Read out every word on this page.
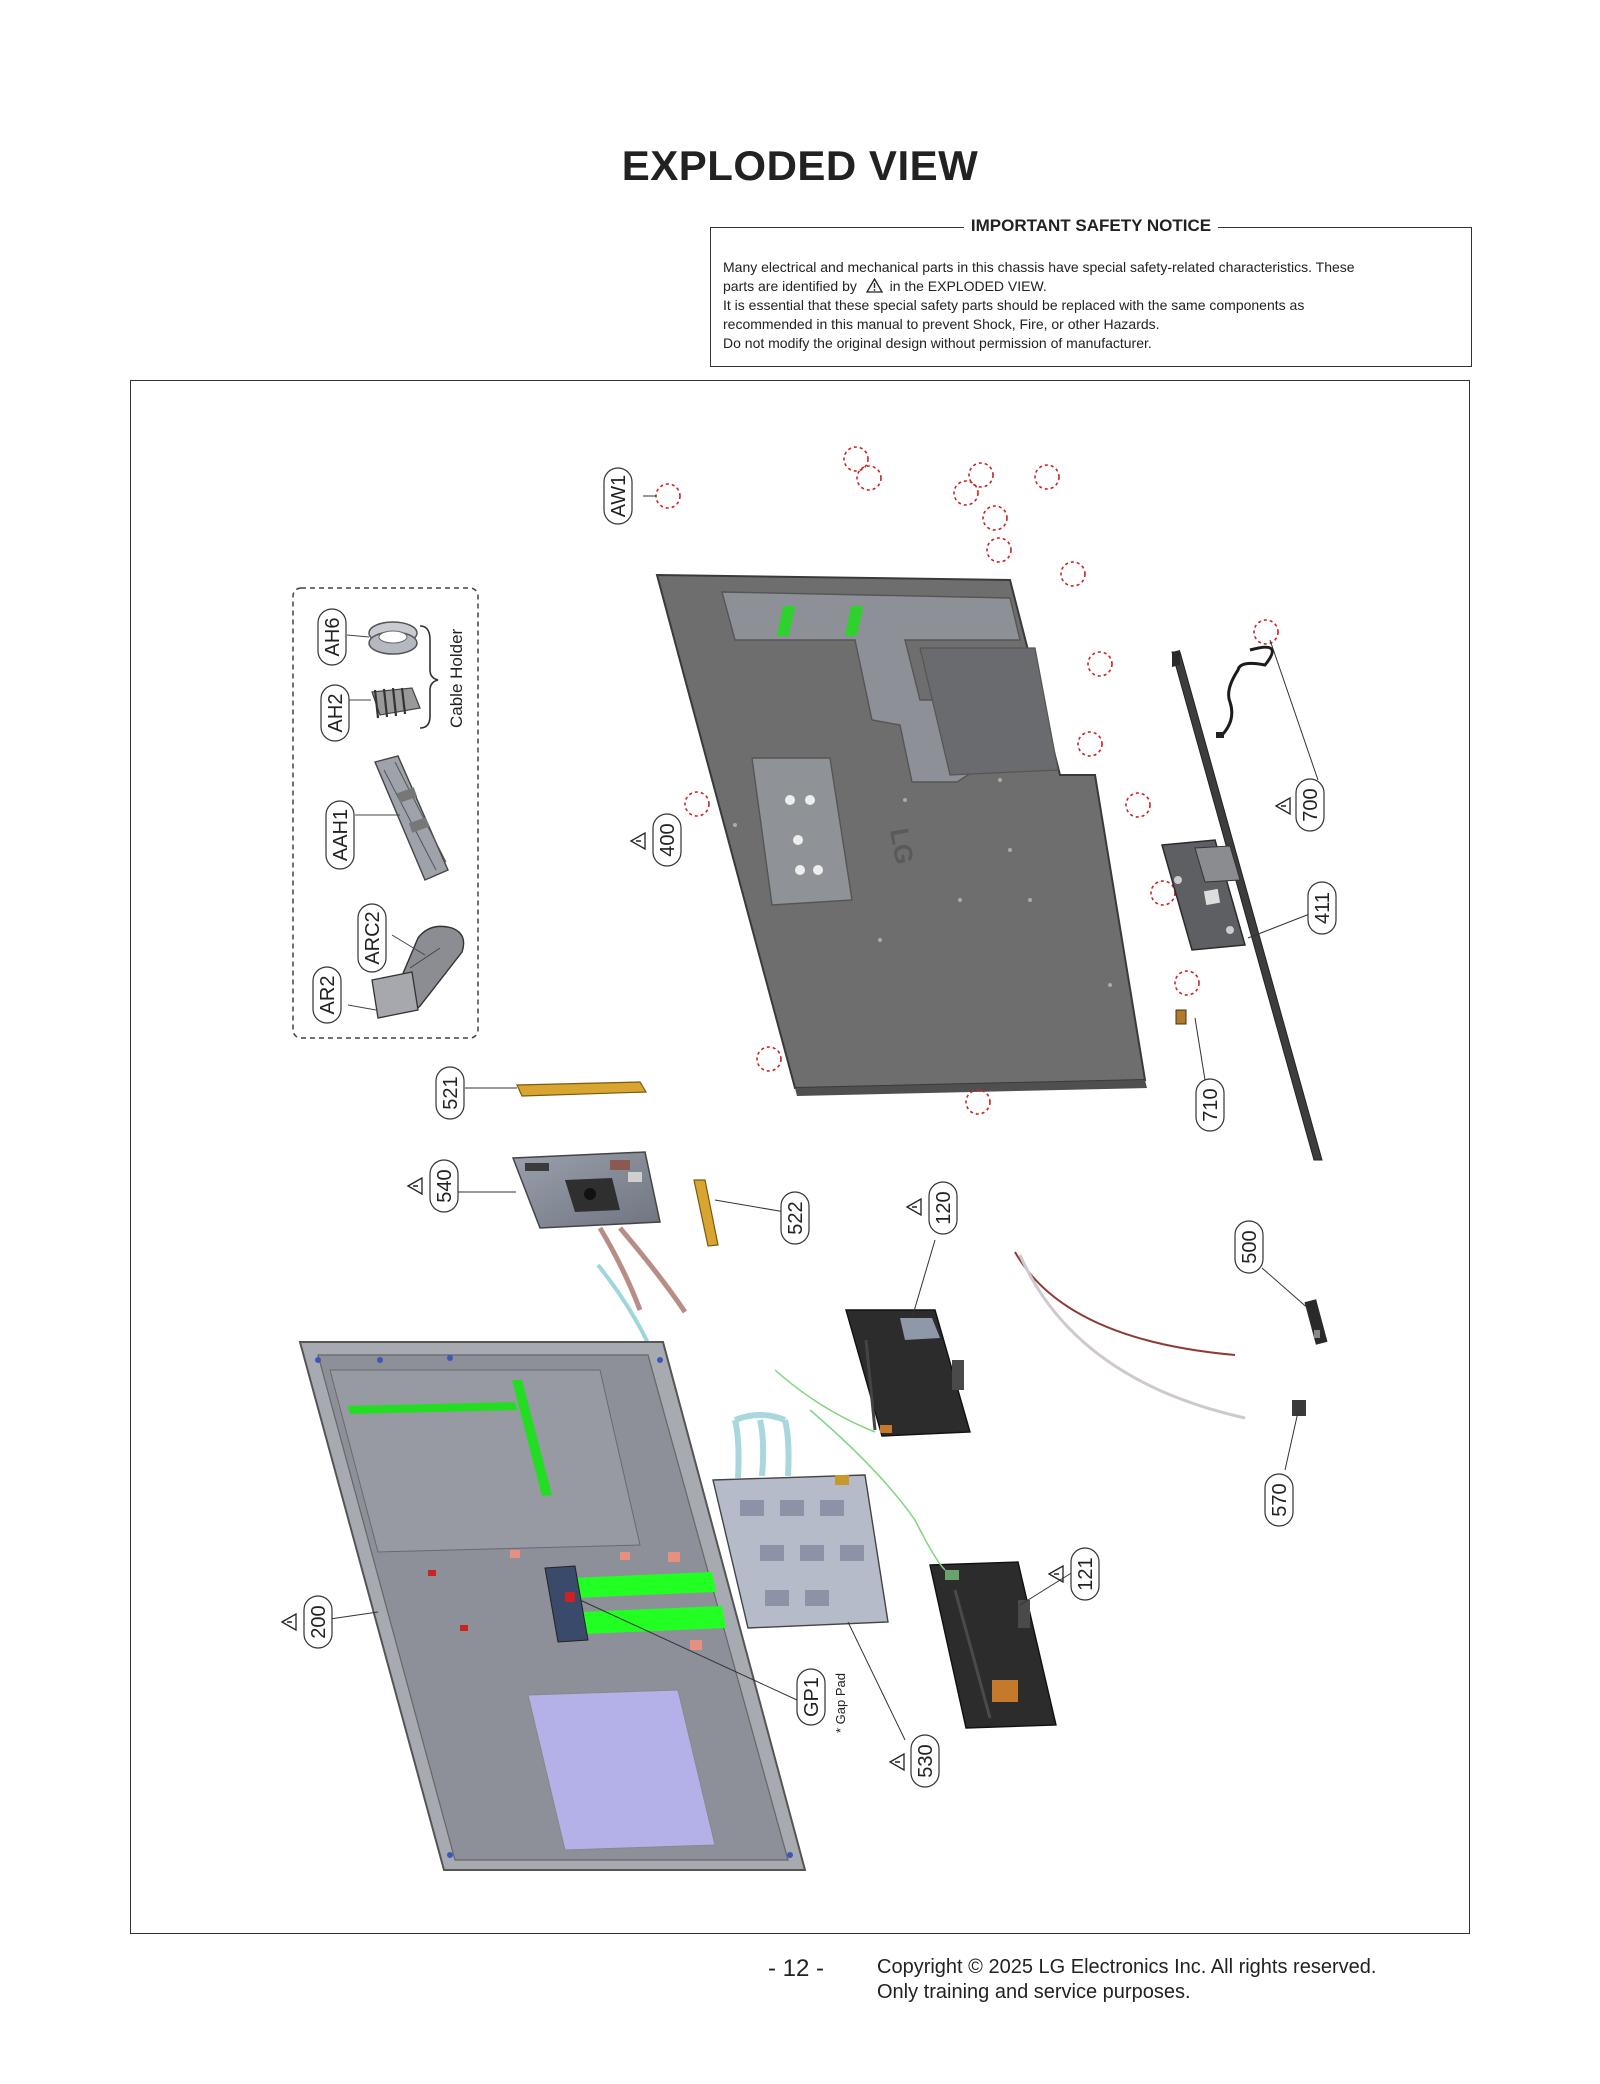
EXPLODED VIEW
IMPORTANT SAFETY NOTICE
Many electrical and mechanical parts in this chassis have special safety-related characteristics. These
parts are identified by in the EXPLODED VIEW.
It is essential that these special safety parts should be replaced with the same components as
recommended in this manual to prevent Shock, Fire, or other Hazards.
Do not modify the original design without permission of manufacturer.
LG
AW1
AH6
AH2
AAH1
ARC2
AR2
Cable Holder
400
700
411
710
521
540
522	120
500
570
121
200
GP1 * Gap Pad
530
- 12 -	Copyright © 2025 LG Electronics Inc. All rights reserved.
Only training and service purposes.
